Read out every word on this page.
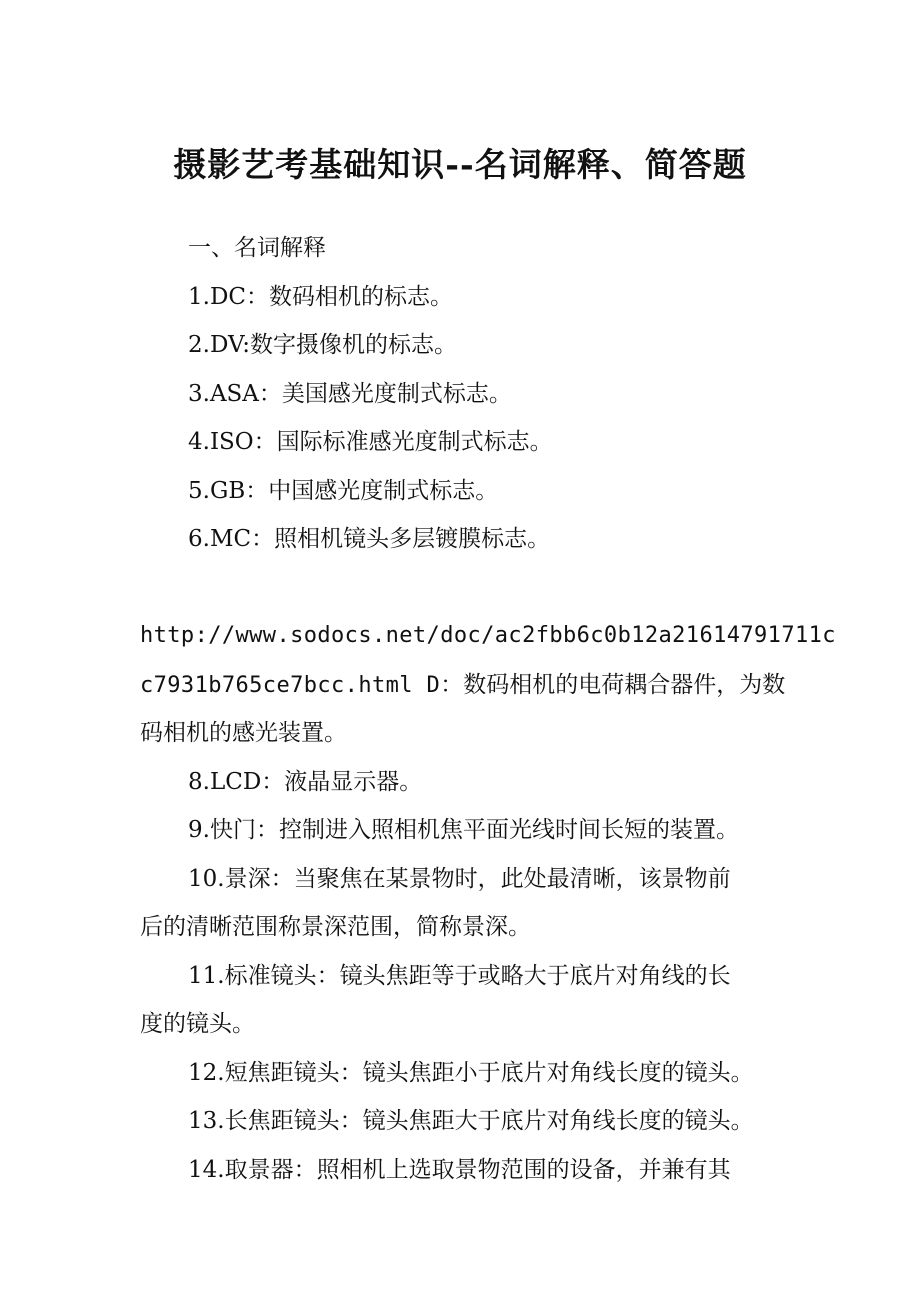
摄影艺考基础知识--名词解释、简答题
一、名词解释
1.DC：数码相机的标志。
2.DV:数字摄像机的标志。
3.ASA：美国感光度制式标志。
4.ISO：国际标准感光度制式标志。
5.GB：中国感光度制式标志。
6.MC：照相机镜头多层镀膜标志。
http://www.sodocs.net/doc/ac2fbb6c0b12a21614791711c
c7931b765ce7bcc.html D：数码相机的电荷耦合器件，为数
码相机的感光装置。
8.LCD：液晶显示器。
9.快门：控制进入照相机焦平面光线时间长短的装置。
10.景深：当聚焦在某景物时，此处最清晰，该景物前
后的清晰范围称景深范围，简称景深。
11.标准镜头：镜头焦距等于或略大于底片对角线的长
度的镜头。
12.短焦距镜头：镜头焦距小于底片对角线长度的镜头。
13.长焦距镜头：镜头焦距大于底片对角线长度的镜头。
14.取景器：照相机上选取景物范围的设备，并兼有其
